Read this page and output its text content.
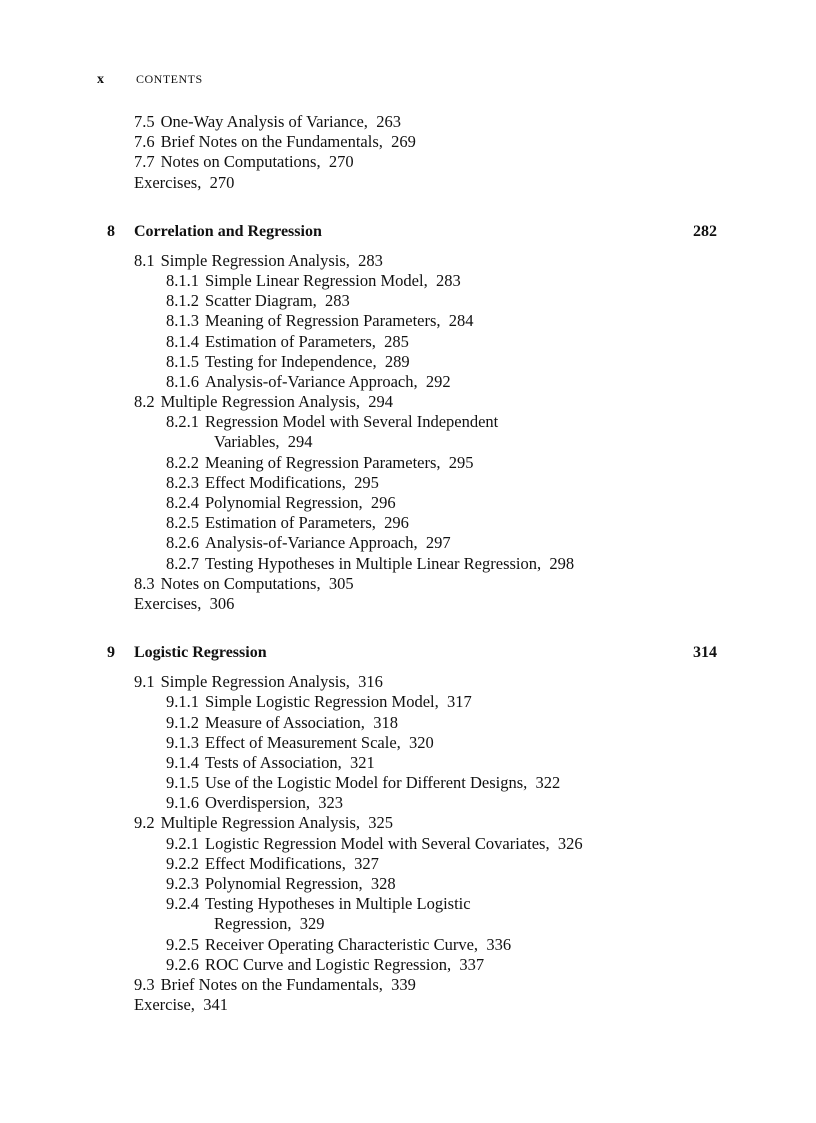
x	CONTENTS
7.5 One-Way Analysis of Variance, 263
7.6 Brief Notes on the Fundamentals, 269
7.7 Notes on Computations, 270
Exercises, 270
8 Correlation and Regression	282
8.1 Simple Regression Analysis, 283
8.1.1 Simple Linear Regression Model, 283
8.1.2 Scatter Diagram, 283
8.1.3 Meaning of Regression Parameters, 284
8.1.4 Estimation of Parameters, 285
8.1.5 Testing for Independence, 289
8.1.6 Analysis-of-Variance Approach, 292
8.2 Multiple Regression Analysis, 294
8.2.1 Regression Model with Several Independent
Variables, 294
8.2.2 Meaning of Regression Parameters, 295
8.2.3 Effect Modifications, 295
8.2.4 Polynomial Regression, 296
8.2.5 Estimation of Parameters, 296
8.2.6 Analysis-of-Variance Approach, 297
8.2.7 Testing Hypotheses in Multiple Linear Regression, 298
8.3 Notes on Computations, 305
Exercises, 306
9 Logistic Regression	314
9.1 Simple Regression Analysis, 316
9.1.1 Simple Logistic Regression Model, 317
9.1.2 Measure of Association, 318
9.1.3 Effect of Measurement Scale, 320
9.1.4 Tests of Association, 321
9.1.5 Use of the Logistic Model for Different Designs, 322
9.1.6 Overdispersion, 323
9.2 Multiple Regression Analysis, 325
9.2.1 Logistic Regression Model with Several Covariates, 326
9.2.2 Effect Modifications, 327
9.2.3 Polynomial Regression, 328
9.2.4 Testing Hypotheses in Multiple Logistic
Regression, 329
9.2.5 Receiver Operating Characteristic Curve, 336
9.2.6 ROC Curve and Logistic Regression, 337
9.3 Brief Notes on the Fundamentals, 339
Exercise, 341
